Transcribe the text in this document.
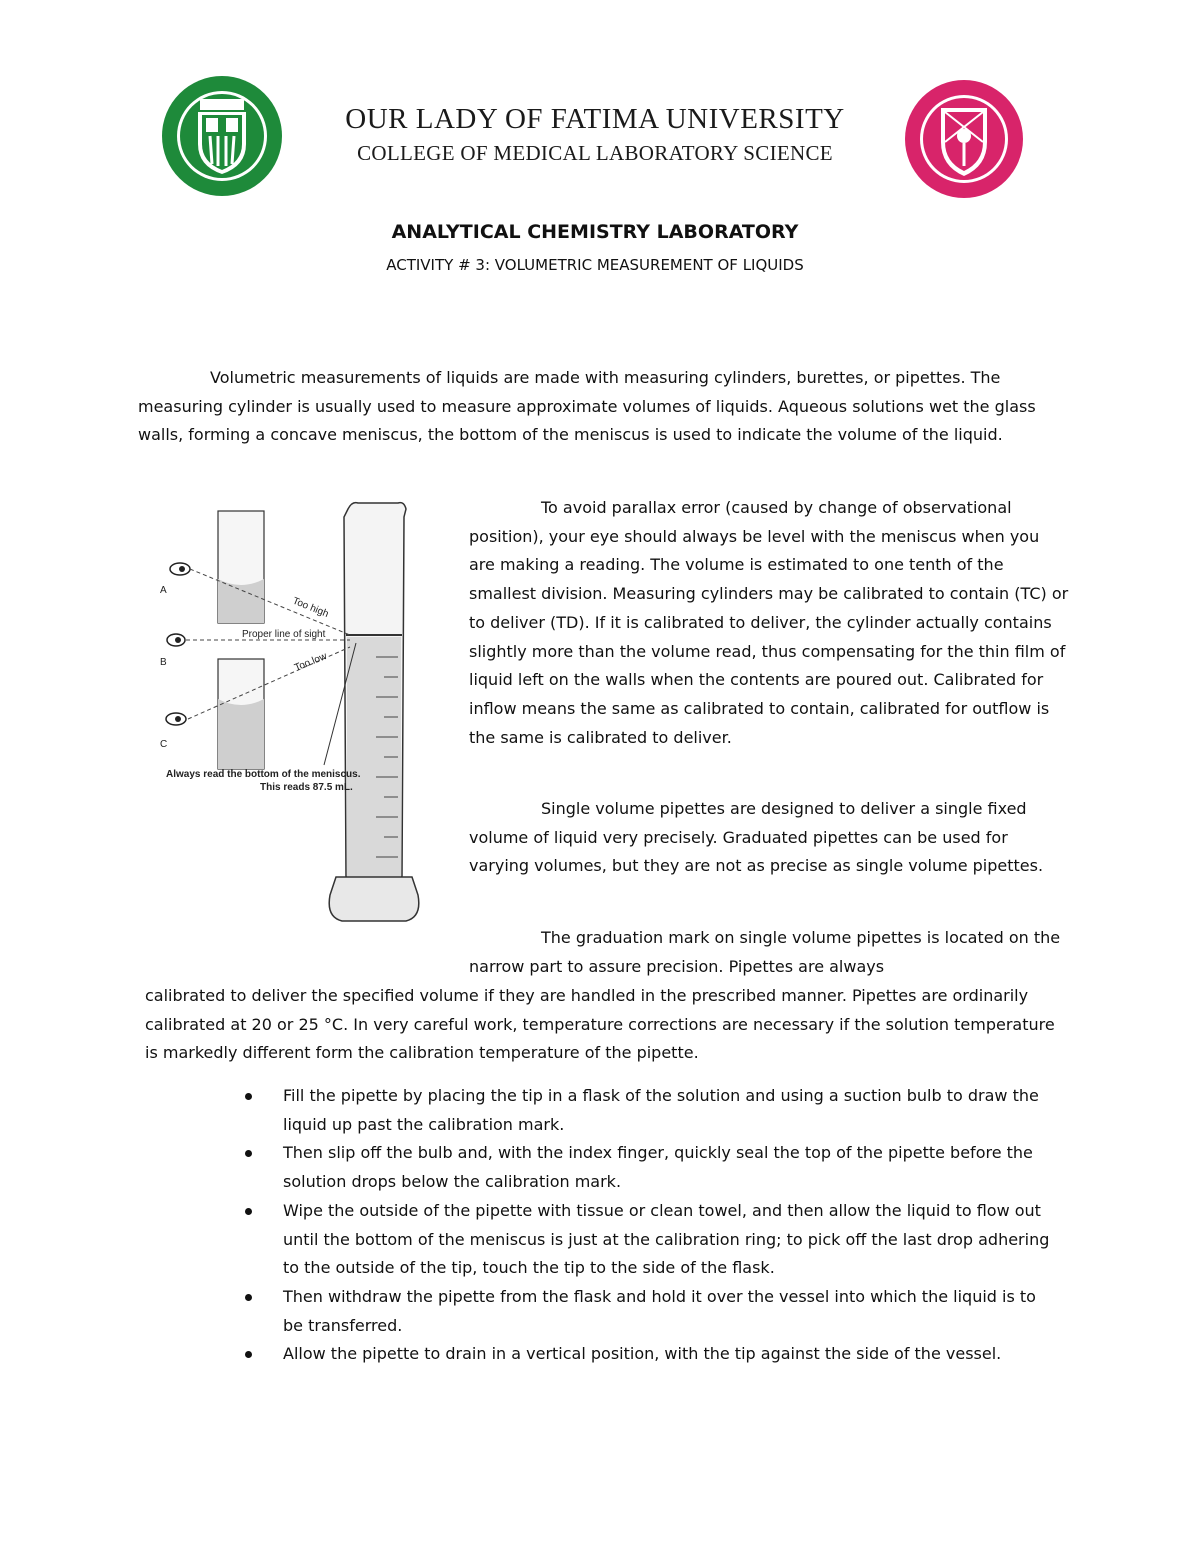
OUR LADY OF FATIMA UNIVERSITY
COLLEGE OF MEDICAL LABORATORY SCIENCE
ANALYTICAL CHEMISTRY LABORATORY
ACTIVITY # 3: VOLUMETRIC MEASUREMENT OF LIQUIDS

Volumetric measurements of liquids are made with measuring cylinders, burettes, or pipettes. The measuring cylinder is usually used to measure approximate volumes of liquids. Aqueous solutions wet the glass walls, forming a concave meniscus, the bottom of the meniscus is used to indicate the volume of the liquid.

A
B
C
Too high
Proper line of sight
Too low
Always read the bottom of the meniscus.
This reads 87.5 mL.

To avoid parallax error (caused by change of observational position), your eye should always be level with the meniscus when you are making a reading. The volume is estimated to one tenth of the smallest division. Measuring cylinders may be calibrated to contain (TC) or to deliver (TD). If it is calibrated to deliver, the cylinder actually contains slightly more than the volume read, thus compensating for the thin film of liquid left on the walls when the contents are poured out. Calibrated for inflow means the same as calibrated to contain, calibrated for outflow is the same is calibrated to deliver.

Single volume pipettes are designed to deliver a single fixed volume of liquid very precisely. Graduated pipettes can be used for varying volumes, but they are not as precise as single volume pipettes.

The graduation mark on single volume pipettes is located on the narrow part to assure precision. Pipettes are always

calibrated to deliver the specified volume if they are handled in the prescribed manner. Pipettes are ordinarily calibrated at 20 or 25 °C. In very careful work, temperature corrections are necessary if the solution temperature is markedly different form the calibration temperature of the pipette.

Fill the pipette by placing the tip in a flask of the solution and using a suction bulb to draw the liquid up past the calibration mark.
Then slip off the bulb and, with the index finger, quickly seal the top of the pipette before the solution drops below the calibration mark.
Wipe the outside of the pipette with tissue or clean towel, and then allow the liquid to flow out until the bottom of the meniscus is just at the calibration ring; to pick off the last drop adhering to the outside of the tip, touch the tip to the side of the flask.
Then withdraw the pipette from the flask and hold it over the vessel into which the liquid is to be transferred.
Allow the pipette to drain in a vertical position, with the tip against the side of the vessel.
